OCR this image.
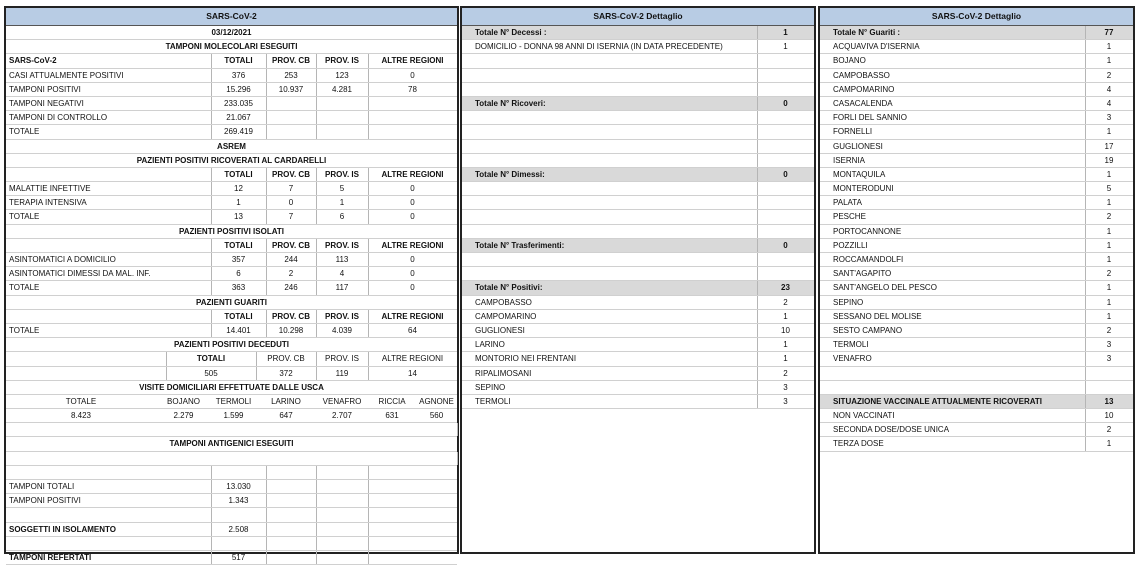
SARS-CoV-2
03/12/2021
TAMPONI MOLECOLARI ESEGUITI
SARS-CoV-2	TOTALI	PROV. CB	PROV. IS	ALTRE REGIONI
CASI ATTUALMENTE POSITIVI	376	253	123	0
TAMPONI POSITIVI	15.296	10.937	4.281	78
TAMPONI NEGATIVI	233.035
TAMPONI DI CONTROLLO	21.067
TOTALE	269.419
ASREM
PAZIENTI POSITIVI RICOVERATI AL CARDARELLI
TOTALI	PROV. CB	PROV. IS	ALTRE REGIONI
MALATTIE INFETTIVE	12	7	5	0
TERAPIA INTENSIVA	1	0	1	0
TOTALE	13	7	6	0
PAZIENTI POSITIVI ISOLATI
TOTALI	PROV. CB	PROV. IS	ALTRE REGIONI
ASINTOMATICI A DOMICILIO	357	244	113	0
ASINTOMATICI DIMESSI DA MAL. INF.	6	2	4	0
TOTALE	363	246	117	0
PAZIENTI GUARITI
TOTALI	PROV. CB	PROV. IS	ALTRE REGIONI
TOTALE	14.401	10.298	4.039	64
PAZIENTI POSITIVI DECEDUTI
TOTALI	PROV. CB	PROV. IS	ALTRE REGIONI
505	372	119	14
VISITE DOMICILIARI EFFETTUATE DALLE USCA
TOTALE	BOJANO	TERMOLI	LARINO	VENAFRO	RICCIA	AGNONE
8.423	2.279	1.599	647	2.707	631	560
TAMPONI ANTIGENICI ESEGUITI
TAMPONI TOTALI	13.030
TAMPONI POSITIVI	1.343
SOGGETTI IN ISOLAMENTO	2.508
TAMPONI REFERTATI	517
SARS-CoV-2 Dettaglio
Totale N° Decessi :	1
DOMICILIO - DONNA 98 ANNI DI ISERNIA (IN DATA PRECEDENTE)	1
Totale N° Ricoveri:	0
Totale N° Dimessi:	0
Totale N° Trasferimenti:	0
Totale N° Positivi:	23
CAMPOBASSO	2
CAMPOMARINO	1
GUGLIONESI	10
LARINO	1
MONTORIO NEI FRENTANI	1
RIPALIMOSANI	2
SEPINO	3
TERMOLI	3
SARS-CoV-2 Dettaglio
Totale N° Guariti :	77
ACQUAVIVA D'ISERNIA	1
BOJANO	1
CAMPOBASSO	2
CAMPOMARINO	4
CASACALENDA	4
FORLI DEL SANNIO	3
FORNELLI	1
GUGLIONESI	17
ISERNIA	19
MONTAQUILA	1
MONTERODUNI	5
PALATA	1
PESCHE	2
PORTOCANNONE	1
POZZILLI	1
ROCCAMANDOLFI	1
SANT'AGAPITO	2
SANT'ANGELO DEL PESCO	1
SEPINO	1
SESSANO DEL MOLISE	1
SESTO CAMPANO	2
TERMOLI	3
VENAFRO	3
SITUAZIONE VACCINALE ATTUALMENTE RICOVERATI	13
NON VACCINATI	10
SECONDA DOSE/DOSE UNICA	2
TERZA DOSE	1
